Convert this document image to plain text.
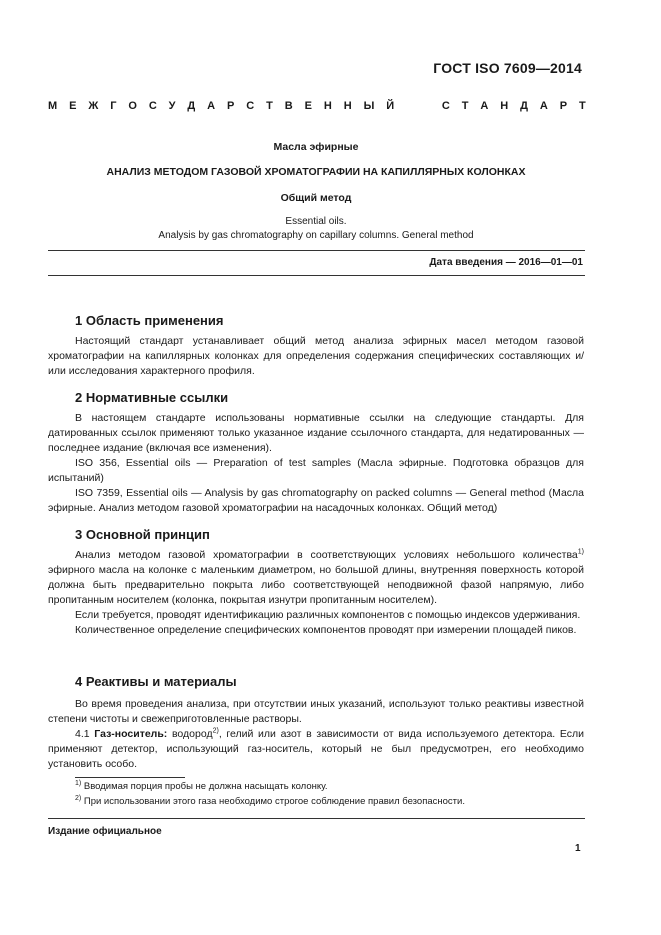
ГОСТ ISO 7609—2014
М Е Ж Г О С У Д А Р С Т В Е Н Н Ы Й	С Т А Н Д А Р Т
Масла эфирные
АНАЛИЗ МЕТОДОМ ГАЗОВОЙ ХРОМАТОГРАФИИ НА КАПИЛЛЯРНЫХ КОЛОНКАХ
Общий метод
Essential oils.
Analysis by gas chromatography on capillary columns. General method
Дата введения — 2016—01—01
1 Область применения

Настоящий стандарт устанавливает общий метод анализа эфирных масел методом газовой хроматографии на капиллярных колонках для определения содержания специфических составляющих и/или исследования характерного профиля.

2 Нормативные ссылки

В настоящем стандарте использованы нормативные ссылки на следующие стандарты. Для датированных ссылок применяют только указанное издание ссылочного стандарта, для недатированных — последнее издание (включая все изменения).

ISO 356, Essential oils — Preparation of test samples (Масла эфирные. Подготовка образцов для испытаний)

ISO 7359, Essential oils — Analysis by gas chromatography on packed columns — General method (Масла эфирные. Анализ методом газовой хроматографии на насадочных колонках. Общий метод)

3 Основной принцип

Анализ методом газовой хроматографии в соответствующих условиях небольшого количества$^{1)}$ эфирного масла на колонке с маленьким диаметром, но большой длины, внутренняя поверхность которой должна быть предварительно покрыта либо соответствующей неподвижной фазой напрямую, либо пропитанным носителем (колонка, покрытая изнутри пропитанным носителем).

Если требуется, проводят идентификацию различных компонентов с помощью индексов удерживания.

Количественное определение специфических компонентов проводят при измерении площадей пиков.

4 Реактивы и материалы

Во время проведения анализа, при отсутствии иных указаний, используют только реактивы известной степени чистоты и свежеприготовленные растворы.

4.1 Газ-носитель: водород$^{2)}$, гелий или азот в зависимости от вида используемого детектора. Если применяют детектор, использующий газ-носитель, который не был предусмотрен, его необходимо установить особо.

$^{1)}$ Вводимая порция пробы не должна насыщать колонку.
$^{2)}$ При использовании этого газа необходимо строгое соблюдение правил безопасности.
Издание официальное
1
